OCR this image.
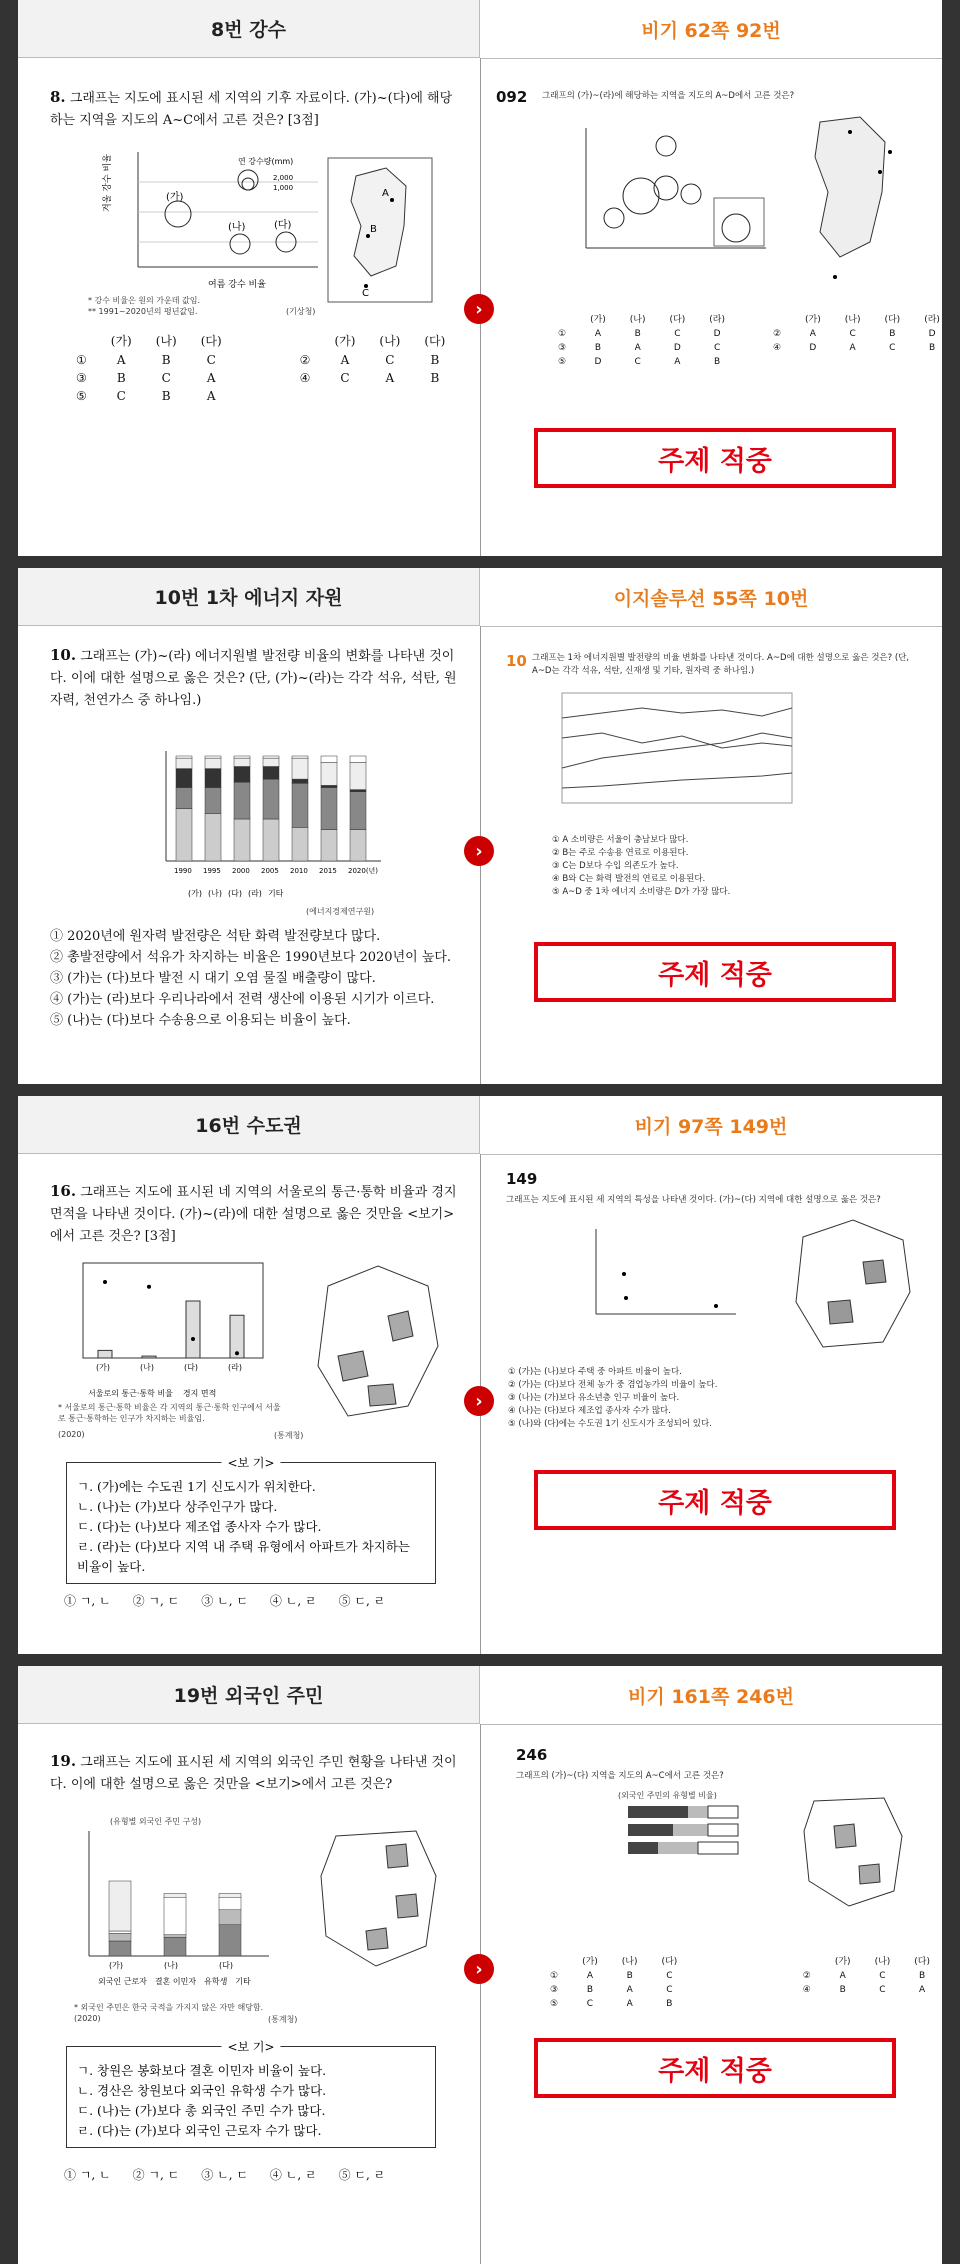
8번 강수	비기 62쪽 92번
8. 그래프는 지도에 표시된 세 지역의 기후 자료이다. (가)~(다)에 해당하는 지역을 지도의 A~C에서 고른 것은? [3점]
(가)
(나)	(다)
연 강수량(mm)
2,000
1,000
여름 강수 비율
겨울 강수 비율
* 강수 비율은 원의 가운데 값임.
** 1991~2020년의 평년값임.	(기상청)
A
B
C
	(가)	(나)	(다)			(가)	(나)	(다)
①	A	B	C		②	A	C	B
③	B	C	A		④	C	A	B
⑤	C	B	A					
092 그래프의 (가)~(라)에 해당하는 지역을 지도의 A~D에서 고른 것은?
	(가)	(나)	(다)	(라)			(가)	(나)	(다)	(라)
①	A	B	C	D		②	A	C	B	D
③	B	A	D	C		④	D	A	C	B
⑤	D	C	A	B						
›
주제 적중
10번 1차 에너지 자원	이지솔루션 55쪽 10번
10. 그래프는 (가)~(라) 에너지원별 발전량 비율의 변화를 나타낸 것이다. 이에 대한 설명으로 옳은 것은? (단, (가)~(라)는 각각 석유, 석탄, 원자력, 천연가스 중 하나임.)
1990 1995 2000 2005 2010 2015 2020(년)
(에너지경제연구원)
(가) (나) (다) (라) 기타
① 2020년에 원자력 발전량은 석탄 화력 발전량보다 많다.
② 총발전량에서 석유가 차지하는 비율은 1990년보다 2020년이 높다.
③ (가)는 (다)보다 발전 시 대기 오염 물질 배출량이 많다.
④ (가)는 (라)보다 우리나라에서 전력 생산에 이용된 시기가 이르다.
⑤ (나)는 (다)보다 수송용으로 이용되는 비율이 높다.
10 그래프는 1차 에너지원별 발전량의 비율 변화를 나타낸 것이다. A~D에 대한 설명으로 옳은 것은? (단, A~D는 각각 석유, 석탄, 신재생 및 기타, 원자력 중 하나임.)
① A 소비량은 서울이 충남보다 많다.
② B는 주로 수송용 연료로 이용된다.
③ C는 D보다 수입 의존도가 높다.
④ B와 C는 화력 발전의 연료로 이용된다.
⑤ A~D 중 1차 에너지 소비량은 D가 가장 많다.
›
주제 적중
16번 수도권	비기 97쪽 149번
16. 그래프는 지도에 표시된 네 지역의 서울로의 통근·통학 비율과 경지 면적을 나타낸 것이다. (가)~(라)에 대한 설명으로 옳은 것만을 <보기>에서 고른 것은? [3점]
(가)	(나)	(다)	(라)
서울로의 통근·통학 비율 경지 면적
* 서울로의 통근·통학 비율은 각 지역의 통근·통학 인구에서 서울로 통근·통학하는 인구가 차지하는 비율임.
(2020)	(통계청)
<보 기>
ㄱ. (가)에는 수도권 1기 신도시가 위치한다.
ㄴ. (나)는 (가)보다 상주인구가 많다.
ㄷ. (다)는 (나)보다 제조업 종사자 수가 많다.
ㄹ. (라)는 (다)보다 지역 내 주택 유형에서 아파트가 차지하는 비율이 높다.
① ㄱ, ㄴ ② ㄱ, ㄷ ③ ㄴ, ㄷ ④ ㄴ, ㄹ ⑤ ㄷ, ㄹ
149
그래프는 지도에 표시된 세 지역의 특성을 나타낸 것이다. (가)~(다) 지역에 대한 설명으로 옳은 것은?
① (가)는 (나)보다 주택 중 아파트 비율이 높다.
② (가)는 (다)보다 전체 농가 중 겸업농가의 비율이 높다.
③ (나)는 (가)보다 유소년층 인구 비율이 높다.
④ (나)는 (다)보다 제조업 종사자 수가 많다.
⑤ (나)와 (다)에는 수도권 1기 신도시가 조성되어 있다.
›
주제 적중
19번 외국인 주민	비기 161쪽 246번
19. 그래프는 지도에 표시된 세 지역의 외국인 주민 현황을 나타낸 것이다. 이에 대한 설명으로 옳은 것만을 <보기>에서 고른 것은?
(유형별 외국인 주민 구성)
(가)	(나)	(다)
외국인 근로자 결혼 이민자 유학생 기타
* 외국인 주민은 한국 국적을 가지지 않은 자만 해당함.
(2020)	(통계청)
<보 기>
ㄱ. 창원은 봉화보다 결혼 이민자 비율이 높다.
ㄴ. 경산은 창원보다 외국인 유학생 수가 많다.
ㄷ. (나)는 (가)보다 총 외국인 주민 수가 많다.
ㄹ. (다)는 (가)보다 외국인 근로자 수가 많다.
① ㄱ, ㄴ ② ㄱ, ㄷ ③ ㄴ, ㄷ ④ ㄴ, ㄹ ⑤ ㄷ, ㄹ
246
그래프의 (가)~(다) 지역을 지도의 A~C에서 고른 것은?
(외국인 주민의 유형별 비율)
	(가)	(나)	(다)			(가)	(나)	(다)
①	A	B	C		②	A	C	B
③	B	A	C		④	B	C	A
⑤	C	A	B					
›
주제 적중
